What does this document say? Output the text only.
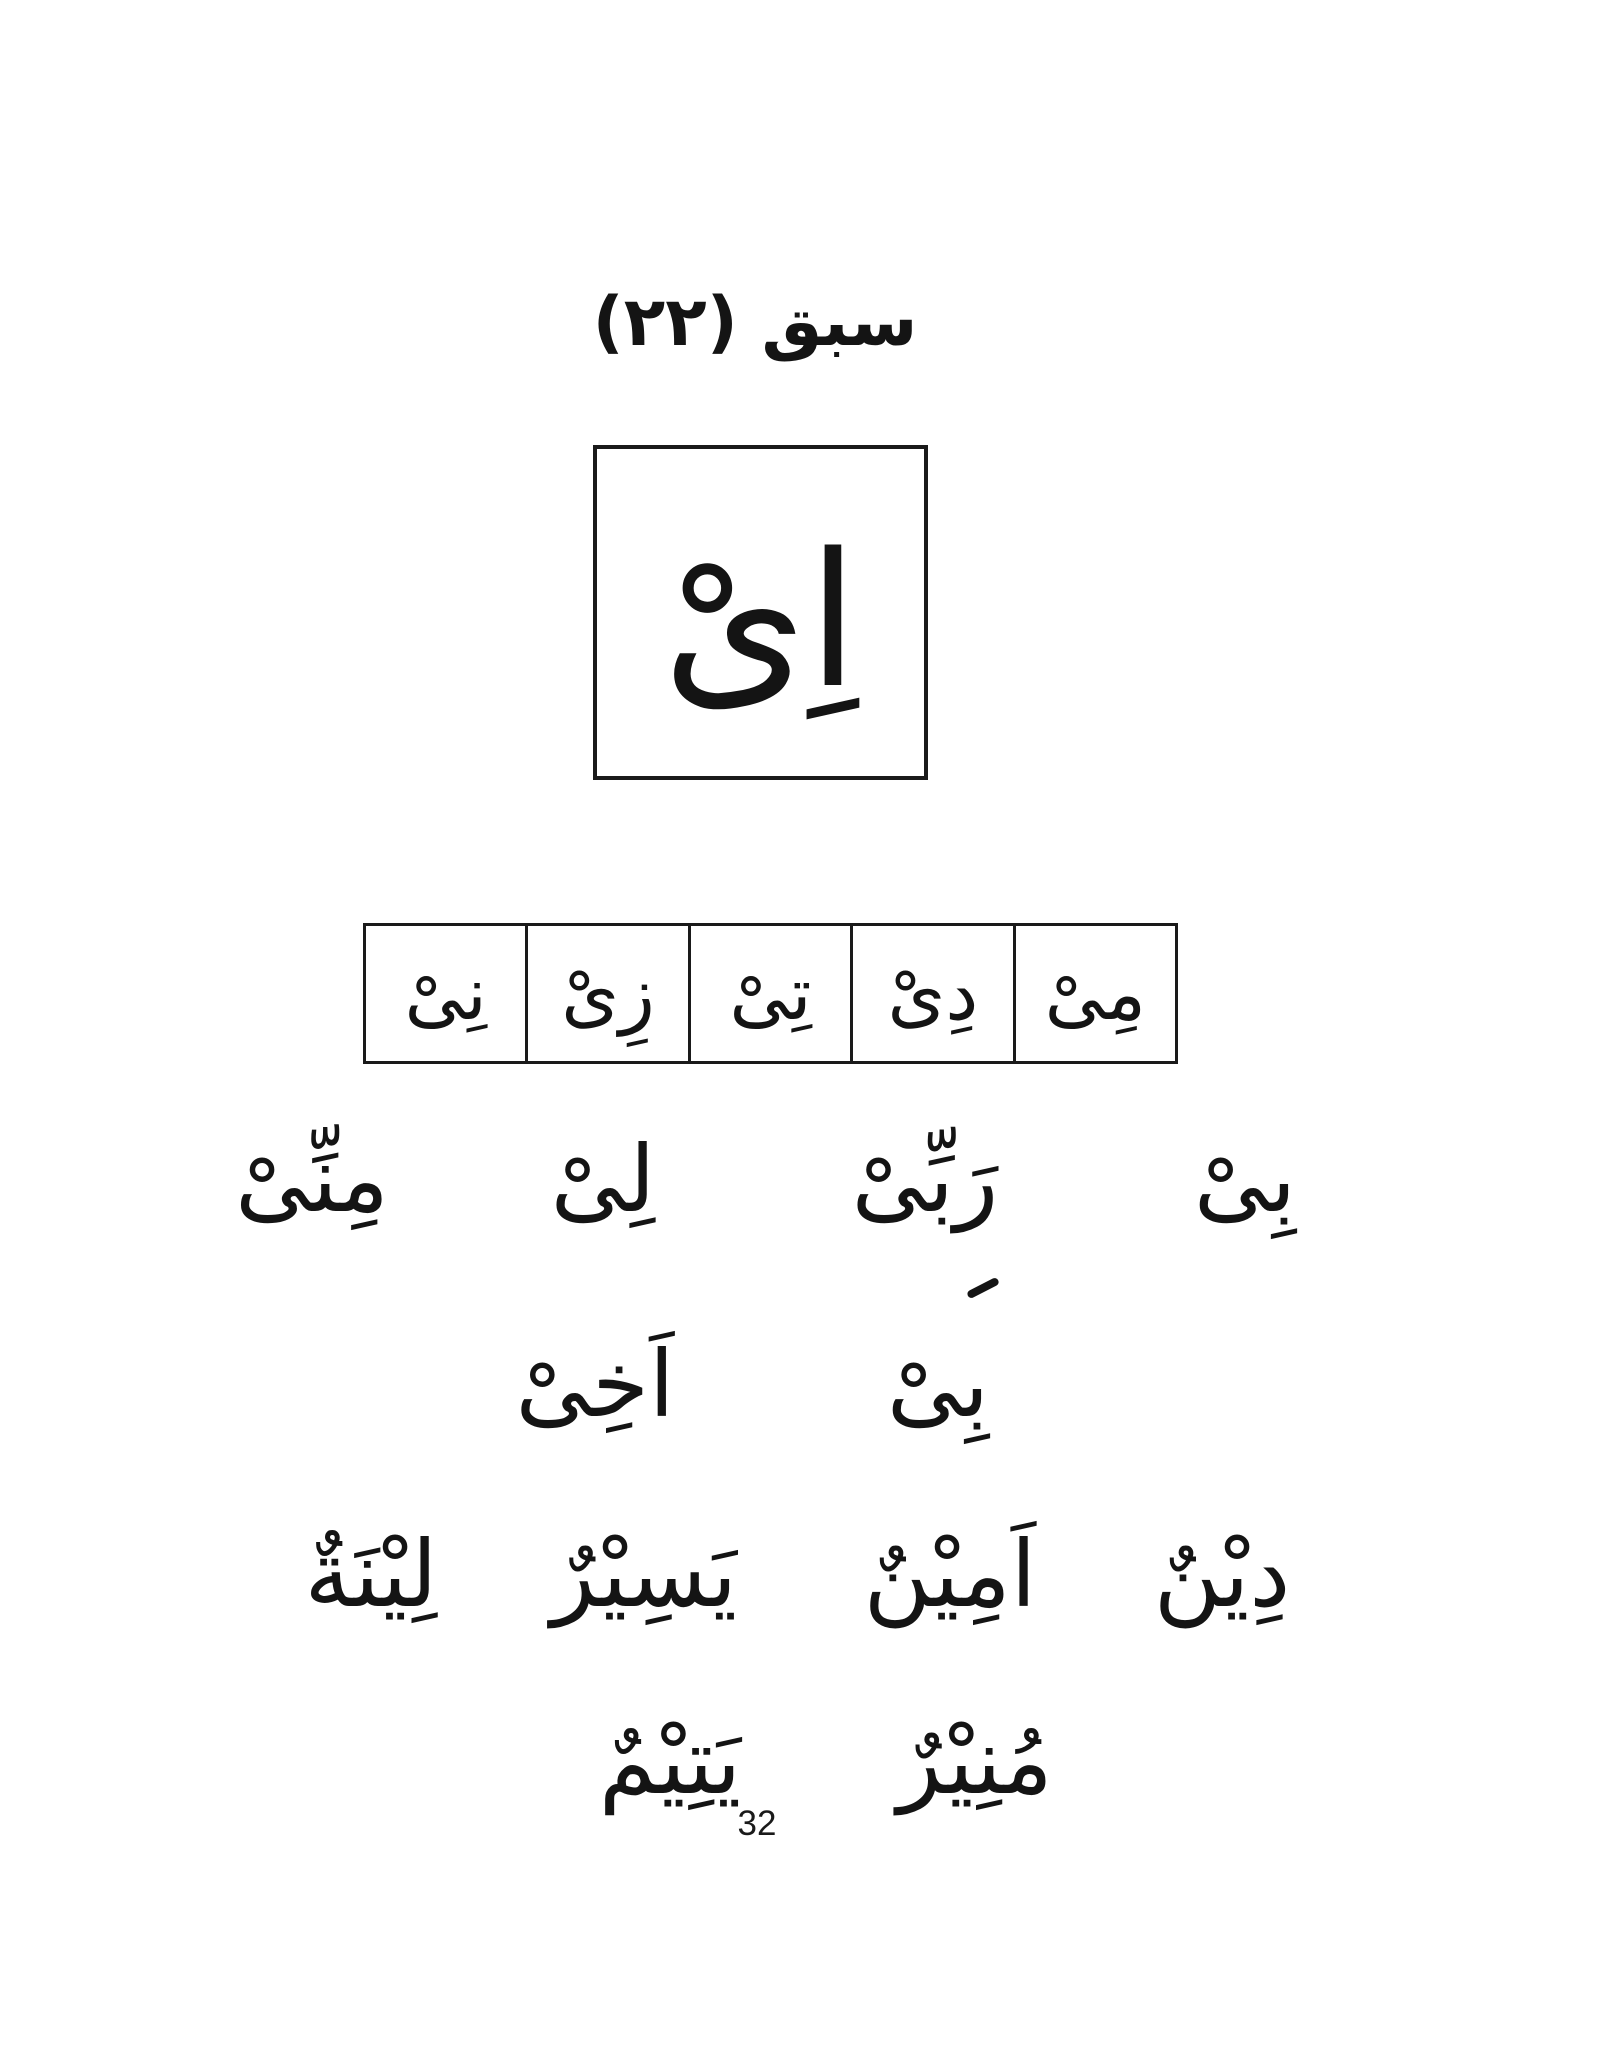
سبق (٢٢)
اِیْ
مِیْ
دِیْ
تِیْ
زِیْ
نِیْ
بِیْ
رَبِّیْ
لِیْ
مِنِّیْ
بِیْ
اَخِیْ
دِیْنٌ
اَمِیْنٌ
یَسِیْرٌ
لِیْنَةٌ
مُنِیْرٌ
یَتِیْمٌ
32
